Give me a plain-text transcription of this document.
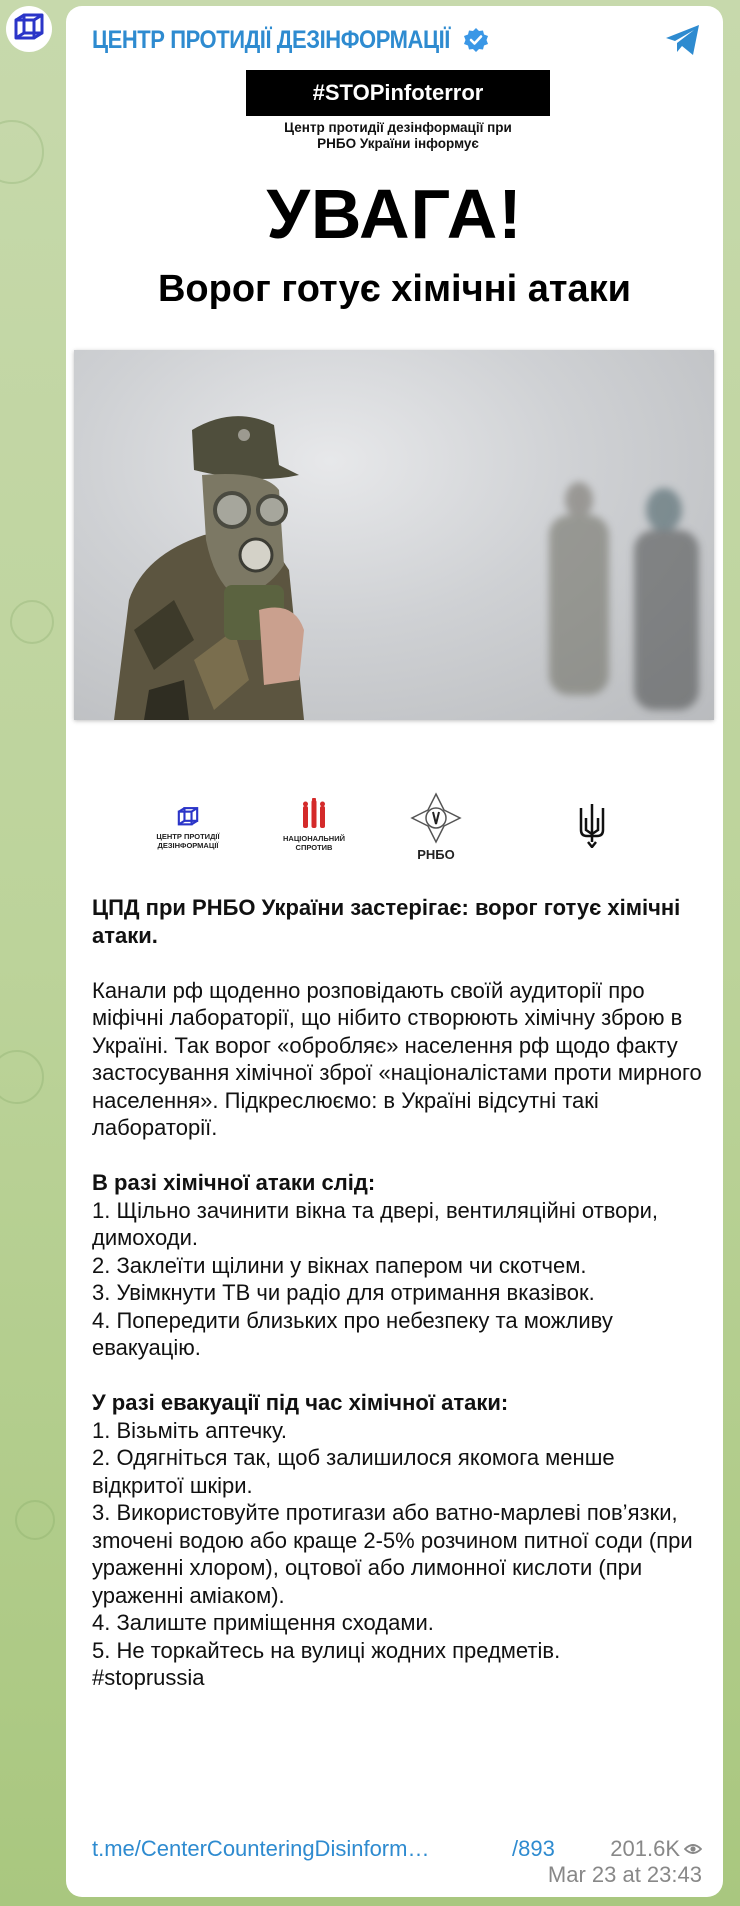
ЦЕНТР ПРОТИДІЇ ДЕЗІНФОРМАЦІЇ
#STOPinfoterror
Центр протидії дезінформації при
РНБО України інформує
УВАГА!
Ворог готує хімічні атаки
ЦЕНТР ПРОТИДІЇ
ДЕЗІНФОРМАЦІЇ
НАЦІОНАЛЬНИЙ
СПРОТИВ	РНБО

ЦПД при РНБО України застерігає: ворог готує хімічні атаки.

Канали рф щоденно розповідають своїй аудиторії про міфічні лабораторії, що нібито створюють хімічну зброю в Україні. Так ворог «обробляє» населення рф щодо факту застосування хімічної зброї «націоналістами проти мирного населення». Підкреслюємо: в Україні відсутні такі лабораторії.

В разі хімічної атаки слід:

1. Щільно зачинити вікна та двері, вентиляційні отвори, димоходи.

2. Заклеїти щілини у вікнах папером чи скотчем.

3. Увімкнути ТВ чи радіо для отримання вказівок.

4. Попередити близьких про небезпеку та можливу евакуацію.

У разі евакуації під час хімічної атаки:

1. Візьміть аптечку.

2. Одягніться так, щоб залишилося якомога менше відкритої шкіри.

3. Використовуйте протигази або ватно-марлеві пов’язки, зmочені водою або краще 2-5% розчином питної соди (при ураженні хлором), оцтової або лимонної кислоти (при ураженні аміаком).

4. Залиште приміщення сходами.

5. Не торкайтесь на вулиці жодних предметів.

#stoprussia

t.me/CenterCounteringDisinform…	/893	201.6K
Mar 23 at 23:43
